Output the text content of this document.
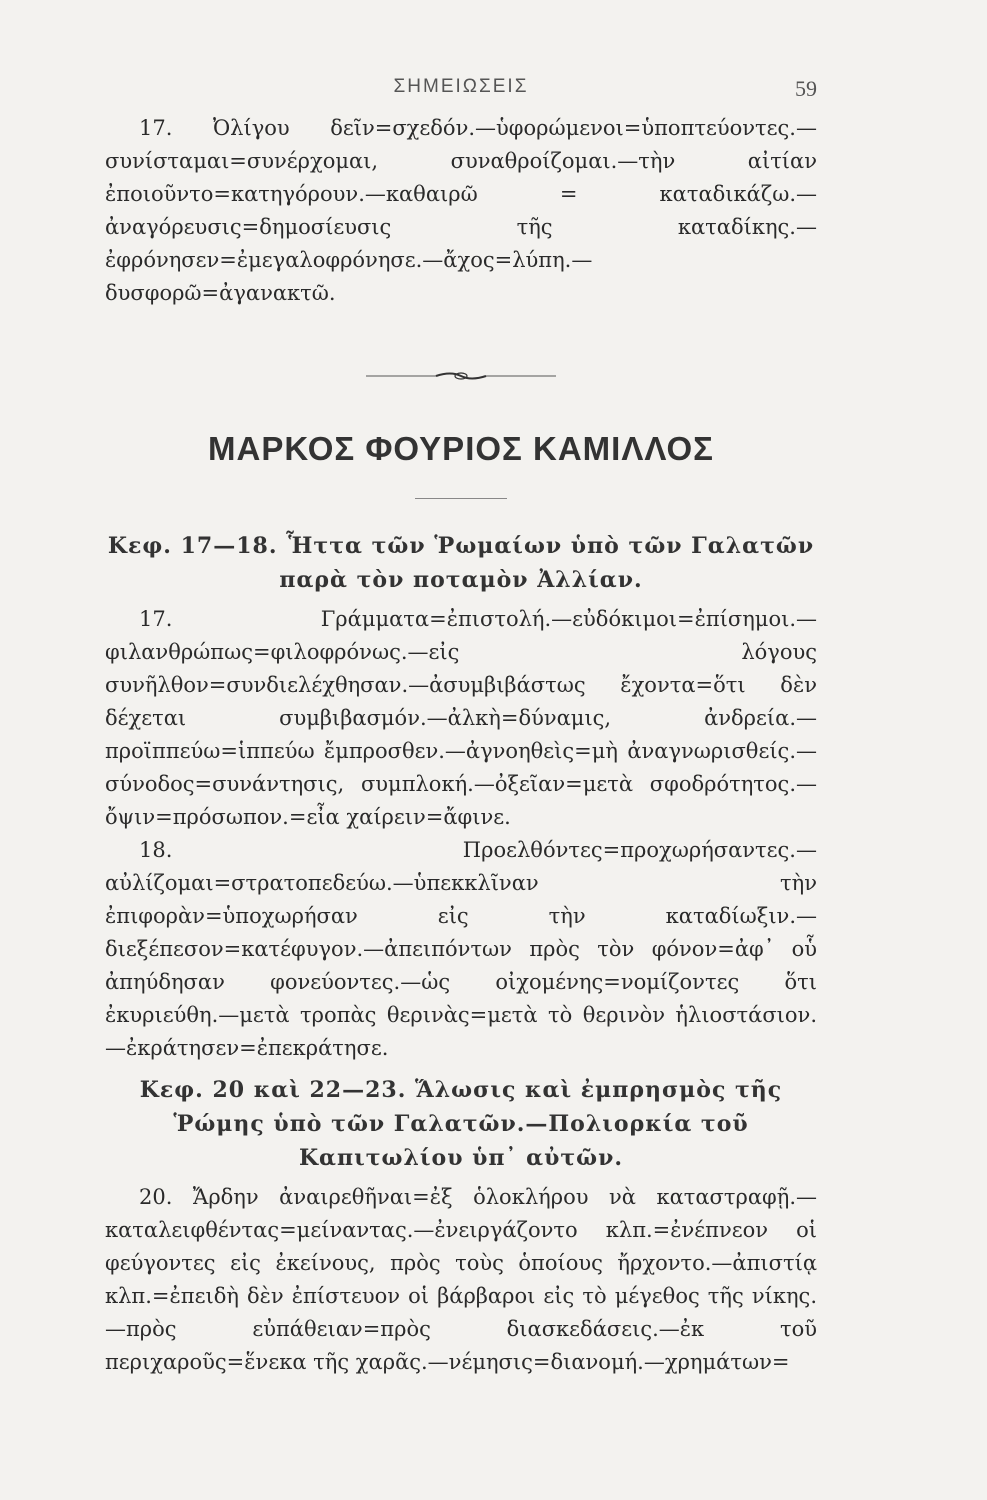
ΣΗΜΕΙΩΣΕΙΣ	59

17. Ὀλίγου δεῖν=σχεδόν.—ὑφορώμενοι=ὑποπτεύοντες.—συνίσταμαι=συνέρχομαι, συναθροίζομαι.—τὴν αἰτίαν ἐποιοῦντο=κατηγόρουν.—καθαιρῶ = καταδικάζω.—ἀναγόρευσις=δημοσίευσις τῆς καταδίκης.—ἐφρόνησεν=ἐμεγαλοφρόνησε.—ἄχος=λύπη.—δυσφορῶ=ἀγανακτῶ.

ΜΑΡΚΟΣ ΦΟΥΡΙΟΣ ΚΑΜΙΛΛΟΣ

Κεφ. 17—18. Ἧττα τῶν Ῥωμαίων ὑπὸ τῶν Γαλατῶν παρὰ τὸν ποταμὸν Ἀλλίαν.

17. Γράμματα=ἐπιστολή.—εὐδόκιμοι=ἐπίσημοι.—φιλανθρώπως=φιλοφρόνως.—εἰς λόγους συνῆλθον=συνδιελέχθησαν.—ἀσυμβιβάστως ἔχοντα=ὅτι δὲν δέχεται συμβιβασμόν.—ἀλκὴ=δύναμις, ἀνδρεία.—προϊππεύω=ἱππεύω ἔμπροσθεν.—ἀγνοηθεὶς=μὴ ἀναγνωρισθείς.—σύνοδος=συνάντησις, συμπλοκή.—ὀξεῖαν=μετὰ σφοδρότητος.—ὄψιν=πρόσωπον.=εἶα χαίρειν=ἄφινε.

18. Προελθόντες=προχωρήσαντες.—αὐλίζομαι=στρατοπεδεύω.—ὑπεκκλῖναν τὴν ἐπιφορὰν=ὑποχωρήσαν εἰς τὴν καταδίωξιν.—διεξέπεσον=κατέφυγον.—ἀπειπόντων πρὸς τὸν φόνον=ἀφ᾿ οὗ ἀπηύδησαν φονεύοντες.—ὡς οἰχομένης=νομίζοντες ὅτι ἐκυριεύθη.—μετὰ τροπὰς θερινὰς=μετὰ τὸ θερινὸν ἡλιοστάσιον.—ἐκράτησεν=ἐπεκράτησε.

Κεφ. 20 καὶ 22—23. Ἅλωσις καὶ ἐμπρησμὸς τῆς Ῥώμης ὑπὸ τῶν Γαλατῶν.—Πολιορκία τοῦ Καπιτωλίου ὑπ᾿ αὐτῶν.

20. Ἄρδην ἀναιρεθῆναι=ἐξ ὁλοκλήρου νὰ καταστραφῇ.—καταλειφθέντας=μείναντας.—ἐνειργάζοντο κλπ.=ἐνέπνεον οἱ φεύγοντες εἰς ἐκείνους, πρὸς τοὺς ὁποίους ἤρχοντο.—ἀπιστίᾳ κλπ.=ἐπειδὴ δὲν ἐπίστευον οἱ βάρβαροι εἰς τὸ μέγεθος τῆς νίκης.—πρὸς εὐπάθειαν=πρὸς διασκεδάσεις.—ἐκ τοῦ περιχαροῦς=ἕνεκα τῆς χαρᾶς.—νέμησις=διανομή.—χρημάτων=
